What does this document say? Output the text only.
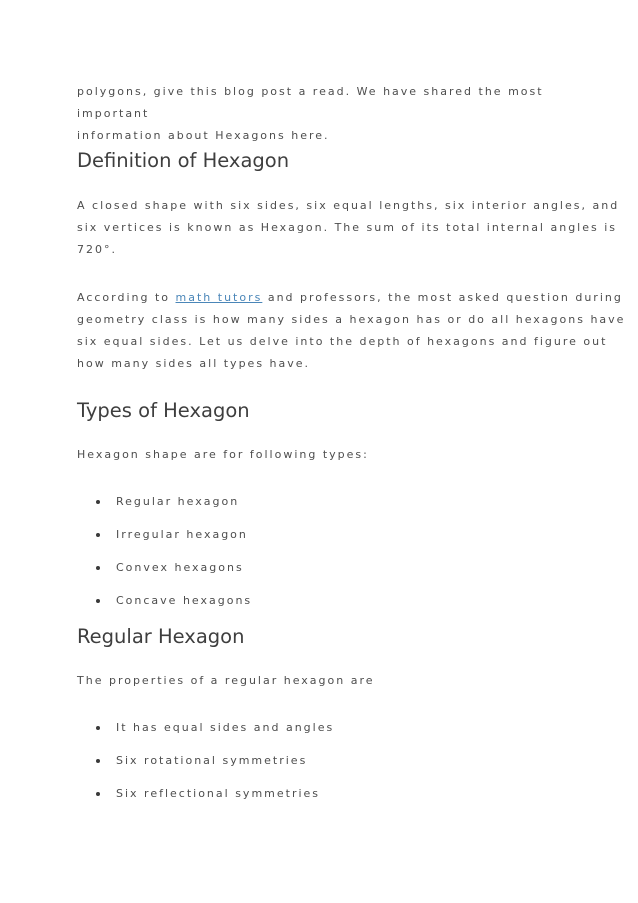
polygons, give this blog post a read. We have shared the most important
information about Hexagons here.

Definition of Hexagon

A closed shape with six sides, six equal lengths, six interior angles, and
six vertices is known as Hexagon. The sum of its total internal angles is
720°.

According to math tutors and professors, the most asked question during
geometry class is how many sides a hexagon has or do all hexagons have
six equal sides. Let us delve into the depth of hexagons and figure out
how many sides all types have.

Types of Hexagon

Hexagon shape are for following types:

Regular hexagon
Irregular hexagon
Convex hexagons
Concave hexagons
Regular Hexagon

The properties of a regular hexagon are

It has equal sides and angles
Six rotational symmetries
Six reflectional symmetries
